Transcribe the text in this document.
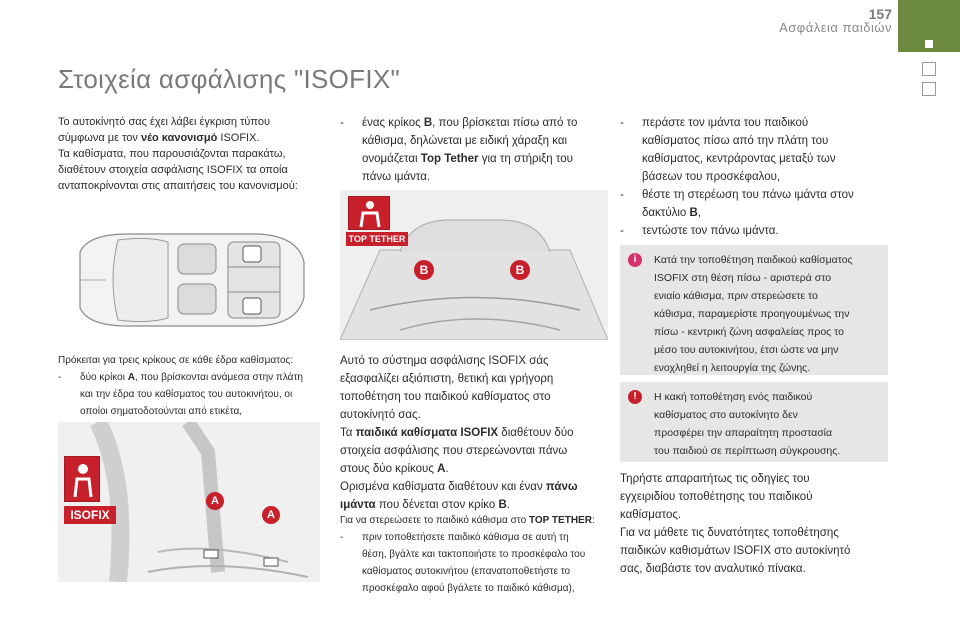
157
Ασφάλεια παιδιών
Στοιχεία ασφάλισης "ISOFIX"
Το αυτοκίνητό σας έχει λάβει έγκριση τύπου
σύμφωνα με τον νέο κανονισμό ISOFIX.
Τα καθίσματα, που παρουσιάζονται παρακάτω,
διαθέτουν στοιχεία ασφάλισης ISOFIX τα οποία
ανταποκρίνονται στις απαιτήσεις του κανονισμού:
Πρόκειται για τρεις κρίκους σε κάθε έδρα καθίσματος:
- δύο κρίκοι A, που βρίσκονται ανάμεσα στην πλάτη
και την έδρα του καθίσματος του αυτοκινήτου, οι
οποίοι σηματοδοτούνται από ετικέτα,
ISOFIX
A
A
- ένας κρίκος B, που βρίσκεται πίσω από το
κάθισμα, δηλώνεται με ειδική χάραξη και
ονομάζεται Top Tether για τη στήριξη του
πάνω ιμάντα.
TOP TETHER
B	B
Αυτό το σύστημα ασφάλισης ISOFIX σάς
εξασφαλίζει αξιόπιστη, θετική και γρήγορη
τοποθέτηση του παιδικού καθίσματος στο
αυτοκίνητό σας.
Τα παιδικά καθίσματα ISOFIX διαθέτουν δύο
στοιχεία ασφάλισης που στερεώνονται πάνω
στους δύο κρίκους A.
Ορισμένα καθίσματα διαθέτουν και έναν πάνω
ιμάντα που δένεται στον κρίκο B.
Για να στερεώσετε το παιδικό κάθισμα στο TOP TETHER:
- πριν τοποθετήσετε παιδικό κάθισμα σε αυτή τη
θέση, βγάλτε και τακτοποιήστε το προσκέφαλο του
καθίσματος αυτοκινήτου (επανατοποθετήστε το
προσκέφαλο αφού βγάλετε το παιδικό κάθισμα),
- περάστε τον ιμάντα του παιδικού
καθίσματος πίσω από την πλάτη του
καθίσματος, κεντράροντας μεταξύ των
βάσεων του προσκέφαλου,
- θέστε τη στερέωση του πάνω ιμάντα στον
δακτύλιο B,
- τεντώστε τον πάνω ιμάντα.
i	Κατά την τοποθέτηση παιδικού καθίσματος
ISOFIX στη θέση πίσω - αριστερά στο
ενιαίο κάθισμα, πριν στερεώσετε το
κάθισμα, παραμερίστε προηγουμένως την
πίσω - κεντρική ζώνη ασφαλείας προς το
μέσο του αυτοκινήτου, έτσι ώστε να μην
ενοχληθεί η λειτουργία της ζώνης.
!	Η κακή τοποθέτηση ενός παιδικού
καθίσματος στο αυτοκίνητο δεν
προσφέρει την απαραίτητη προστασία
του παιδιού σε περίπτωση σύγκρουσης.
Τηρήστε απαραιτήτως τις οδηγίες του
εγχειριδίου τοποθέτησης του παιδικού
καθίσματος.
Για να μάθετε τις δυνατότητες τοποθέτησης
παιδικών καθισμάτων ISOFIX στο αυτοκίνητό
σας, διαβάστε τον αναλυτικό πίνακα.
